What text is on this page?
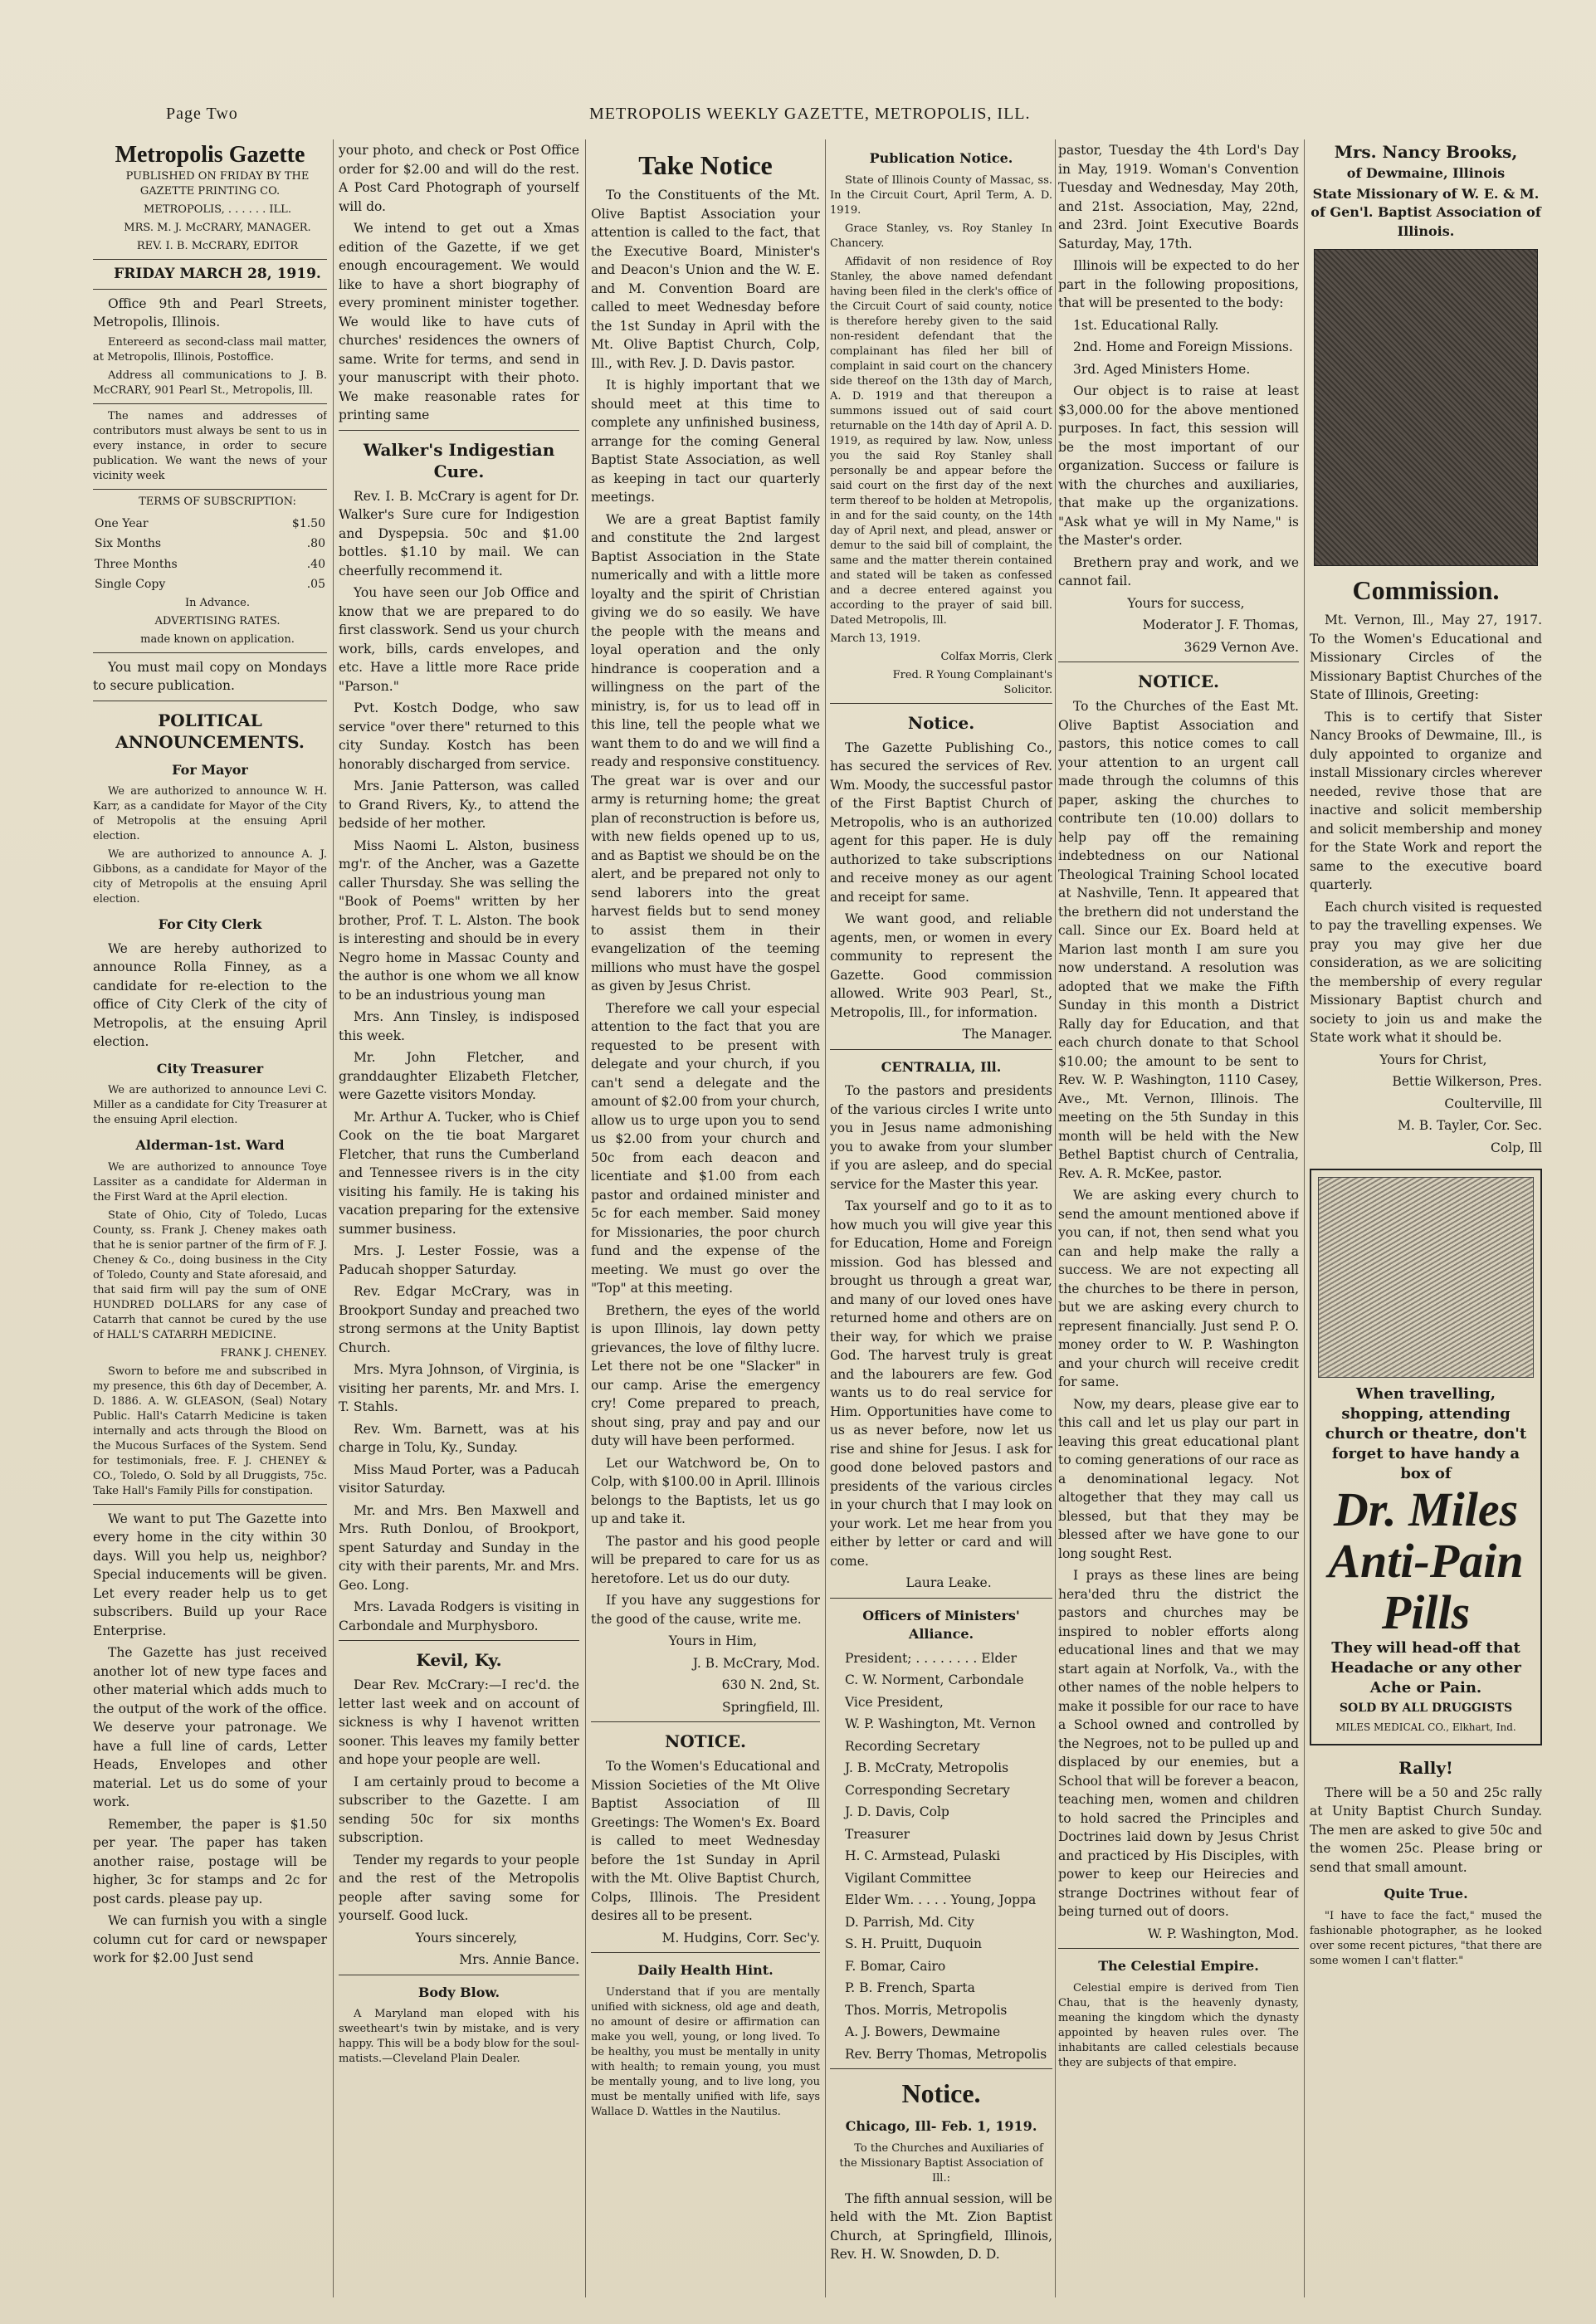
Page Two	METROPOLIS WEEKLY GAZETTE, METROPOLIS, ILL.
Metropolis Gazette

PUBLISHED ON FRIDAY BY THE GAZETTE PRINTING CO.

METROPOLIS, . . . . . . ILL.

MRS. M. J. McCRARY, MANAGER.

REV. I. B. McCRARY, EDITOR

FRIDAY MARCH 28, 1919.

Office 9th and Pearl Streets, Metropolis, Illinois.

Entereerd as second-class mail matter, at Metropolis, Illinois, Postoffice.

Address all communications to J. B. McCRARY, 901 Pearl St., Metropolis, Ill.

The names and addresses of contributors must always be sent to us in every instance, in order to secure publication. We want the news of your vicinity week

TERMS OF SUBSCRIPTION:

One Year	$1.50
Six Months	.80
Three Months	.40
Single Copy	.05

In Advance.

ADVERTISING RATES.

made known on application.

You must mail copy on Mondays to secure publication.

POLITICAL ANNOUNCEMENTS.
For Mayor

We are authorized to announce W. H. Karr, as a candidate for Mayor of the City of Metropolis at the ensuing April election.

We are authorized to announce A. J. Gibbons, as a candidate for Mayor of the city of Metropolis at the ensuing April election.

For City Clerk

We are hereby authorized to announce Rolla Finney, as a candidate for re-election to the office of City Clerk of the city of Metropolis, at the ensuing April election.

City Treasurer

We are authorized to announce Levi C. Miller as a candidate for City Treasurer at the ensuing April election.

Alderman-1st. Ward

We are authorized to announce Toye Lassiter as a candidate for Alderman in the First Ward at the April election.

State of Ohio, City of Toledo, Lucas County, ss. Frank J. Cheney makes oath that he is senior partner of the firm of F. J. Cheney & Co., doing business in the City of Toledo, County and State aforesaid, and that said firm will pay the sum of ONE HUNDRED DOLLARS for any case of Catarrh that cannot be cured by the use of HALL'S CATARRH MEDICINE.

FRANK J. CHENEY.

Sworn to before me and subscribed in my presence, this 6th day of December, A. D. 1886. A. W. GLEASON, (Seal) Notary Public. Hall's Catarrh Medicine is taken internally and acts through the Blood on the Mucous Surfaces of the System. Send for testimonials, free. F. J. CHENEY & CO., Toledo, O. Sold by all Druggists, 75c. Take Hall's Family Pills for constipation.

We want to put The Gazette into every home in the city within 30 days. Will you help us, neighbor? Special inducements will be given. Let every reader help us to get subscribers. Build up your Race Enterprise.

The Gazette has just received another lot of new type faces and other material which adds much to the output of the work of the office. We deserve your patronage. We have a full line of cards, Letter Heads, Envelopes and other material. Let us do some of your work.

Remember, the paper is $1.50 per year. The paper has taken another raise, postage will be higher, 3c for stamps and 2c for post cards. please pay up.

We can furnish you with a single column cut for card or newspaper work for $2.00 Just send

your photo, and check or Post Office order for $2.00 and will do the rest. A Post Card Photograph of yourself will do.

We intend to get out a Xmas edition of the Gazette, if we get enough encouragement. We would like to have a short biography of every prominent minister together. We would like to have cuts of churches' residences the owners of same. Write for terms, and send in your manuscript with their photo. We make reasonable rates for printing same

Walker's Indigestian Cure.

Rev. I. B. McCrary is agent for Dr. Walker's Sure cure for Indigestion and Dyspepsia. 50c and $1.00 bottles. $1.10 by mail. We can cheerfully recommend it.

You have seen our Job Office and know that we are prepared to do first classwork. Send us your church work, bills, cards envelopes, and etc. Have a little more Race pride "Parson."

Pvt. Kostch Dodge, who saw service "over there" returned to this city Sunday. Kostch has been honorably discharged from service.

Mrs. Janie Patterson, was called to Grand Rivers, Ky., to attend the bedside of her mother.

Miss Naomi L. Alston, business mg'r. of the Ancher, was a Gazette caller Thursday. She was selling the "Book of Poems" written by her brother, Prof. T. L. Alston. The book is interesting and should be in every Negro home in Massac County and the author is one whom we all know to be an industrious young man

Mrs. Ann Tinsley, is indisposed this week.

Mr. John Fletcher, and granddaughter Elizabeth Fletcher, were Gazette visitors Monday.

Mr. Arthur A. Tucker, who is Chief Cook on the tie boat Margaret Fletcher, that runs the Cumberland and Tennessee rivers is in the city visiting his family. He is taking his vacation preparing for the extensive summer business.

Mrs. J. Lester Fossie, was a Paducah shopper Saturday.

Rev. Edgar McCrary, was in Brookport Sunday and preached two strong sermons at the Unity Baptist Church.

Mrs. Myra Johnson, of Virginia, is visiting her parents, Mr. and Mrs. I. T. Stahls.

Rev. Wm. Barnett, was at his charge in Tolu, Ky., Sunday.

Miss Maud Porter, was a Paducah visitor Saturday.

Mr. and Mrs. Ben Maxwell and Mrs. Ruth Donlou, of Brookport, spent Saturday and Sunday in the city with their parents, Mr. and Mrs. Geo. Long.

Mrs. Lavada Rodgers is visiting in Carbondale and Murphysboro.

Kevil, Ky.

Dear Rev. McCrary:—I rec'd. the letter last week and on account of sickness is why I havenot written sooner. This leaves my family better and hope your people are well.

I am certainly proud to become a subscriber to the Gazette. I am sending 50c for six months subscription.

Tender my regards to your people and the rest of the Metropolis people after saving some for yourself. Good luck.

Yours sincerely,

Mrs. Annie Bance.

Body Blow.

A Maryland man eloped with his sweetheart's twin by mistake, and is very happy. This will be a body blow for the soul-matists.—Cleveland Plain Dealer.

Take Notice

To the Constituents of the Mt. Olive Baptist Association your attention is called to the fact, that the Executive Board, Minister's and Deacon's Union and the W. E. and M. Convention Board are called to meet Wednesday before the 1st Sunday in April with the Mt. Olive Baptist Church, Colp, Ill., with Rev. J. D. Davis pastor.

It is highly important that we should meet at this time to complete any unfinished business, arrange for the coming General Baptist State Association, as well as keeping in tact our quarterly meetings.

We are a great Baptist family and constitute the 2nd largest Baptist Association in the State numerically and with a little more loyalty and the spirit of Christian giving we do so easily. We have the people with the means and loyal operation and the only hindrance is cooperation and a willingness on the part of the ministry, is, for us to lead off in this line, tell the people what we want them to do and we will find a ready and responsive constituency. The great war is over and our army is returning home; the great plan of reconstruction is before us, with new fields opened up to us, and as Baptist we should be on the alert, and be prepared not only to send laborers into the great harvest fields but to send money to assist them in their evangelization of the teeming millions who must have the gospel as given by Jesus Christ.

Therefore we call your especial attention to the fact that you are requested to be present with delegate and your church, if you can't send a delegate and the amount of $2.00 from your church, allow us to urge upon you to send us $2.00 from your church and 50c from each deacon and licentiate and $1.00 from each pastor and ordained minister and 5c for each member. Said money for Missionaries, the poor church fund and the expense of the meeting. We must go over the "Top" at this meeting.

Brethern, the eyes of the world is upon Illinois, lay down petty grievances, the love of filthy lucre. Let there not be one "Slacker" in our camp. Arise the emergency cry! Come prepared to preach, shout sing, pray and pay and our duty will have been performed.

Let our Watchword be, On to Colp, with $100.00 in April. Illinois belongs to the Baptists, let us go up and take it.

The pastor and his good people will be prepared to care for us as heretofore. Let us do our duty.

If you have any suggestions for the good of the cause, write me.

Yours in Him,

J. B. McCrary, Mod.

630 N. 2nd, St.

Springfield, Ill.

NOTICE.

To the Women's Educational and Mission Societies of the Mt Olive Baptist Association of Ill Greetings: The Women's Ex. Board is called to meet Wednesday before the 1st Sunday in April with the Mt. Olive Baptist Church, Colps, Illinois. The President desires all to be present.

M. Hudgins, Corr. Sec'y.

Daily Health Hint.

Understand that if you are mentally unified with sickness, old age and death, no amount of desire or affirmation can make you well, young, or long lived. To be healthy, you must be mentally in unity with health; to remain young, you must be mentally young, and to live long, you must be mentally unified with life, says Wallace D. Wattles in the Nautilus.

Publication Notice.

State of Illinois County of Massac, ss. In the Circuit Court, April Term, A. D. 1919.

Grace Stanley, vs. Roy Stanley In Chancery.

Affidavit of non residence of Roy Stanley, the above named defendant having been filed in the clerk's office of the Circuit Court of said county, notice is therefore hereby given to the said non-resident defendant that the complainant has filed her bill of complaint in said court on the chancery side thereof on the 13th day of March, A. D. 1919 and that thereupon a summons issued out of said court returnable on the 14th day of April A. D. 1919, as required by law. Now, unless you the said Roy Stanley shall personally be and appear before the said court on the first day of the next term thereof to be holden at Metropolis, in and for the said county, on the 14th day of April next, and plead, answer or demur to the said bill of complaint, the same and the matter therein contained and stated will be taken as confessed and a decree entered against you according to the prayer of said bill. Dated Metropolis, Ill.

March 13, 1919.

Colfax Morris, Clerk

Fred. R Young Complainant's Solicitor.

Notice.

The Gazette Publishing Co., has secured the services of Rev. Wm. Moody, the successful pastor of the First Baptist Church of Metropolis, who is an authorized agent for this paper. He is duly authorized to take subscriptions and receive money as our agent and receipt for same.

We want good, and reliable agents, men, or women in every community to represent the Gazette. Good commission allowed. Write 903 Pearl, St., Metropolis, Ill., for information.

The Manager.

CENTRALIA, Ill.

To the pastors and presidents of the various circles I write unto you in Jesus name admonishing you to awake from your slumber if you are asleep, and do special service for the Master this year.

Tax yourself and go to it as to how much you will give year this for Education, Home and Foreign mission. God has blessed and brought us through a great war, and many of our loved ones have returned home and others are on their way, for which we praise God. The harvest truly is great and the labourers are few. God wants us to do real service for Him. Opportunities have come to us as never before, now let us rise and shine for Jesus. I ask for good done beloved pastors and presidents of the various circles in your church that I may look on your work. Let me hear from you either by letter or card and will come.

Laura Leake.

Officers of Ministers' Alliance.

President; . . . . . . . . Elder

C. W. Norment, Carbondale

Vice President,

W. P. Washington, Mt. Vernon

Recording Secretary

J. B. McCraty, Metropolis

Corresponding Secretary

J. D. Davis, Colp

Treasurer

H. C. Armstead, Pulaski

Vigilant Committee

Elder Wm. . . . . Young, Joppa

D. Parrish, Md. City

S. H. Pruitt, Duquoin

F. Bomar, Cairo

P. B. French, Sparta

Thos. Morris, Metropolis

A. J. Bowers, Dewmaine

Rev. Berry Thomas, Metropolis

Notice.
Chicago, Ill- Feb. 1, 1919.

To the Churches and Auxiliaries of the Missionary Baptist Association of Ill.:

The fifth annual session, will be held with the Mt. Zion Baptist Church, at Springfield, Illinois, Rev. H. W. Snowden, D. D.

pastor, Tuesday the 4th Lord's Day in May, 1919. Woman's Convention Tuesday and Wednesday, May 20th, and 21st. Association, May, 22nd, and 23rd. Joint Executive Boards Saturday, May, 17th.

Illinois will be expected to do her part in the following propositions, that will be presented to the body:

1st. Educational Rally.

2nd. Home and Foreign Missions.

3rd. Aged Ministers Home.

Our object is to raise at least $3,000.00 for the above mentioned purposes. In fact, this session will be the most important of our organization. Success or failure is with the churches and auxiliaries, that make up the organizations. "Ask what ye will in My Name," is the Master's order.

Brethern pray and work, and we cannot fail.

Yours for success,

Moderator J. F. Thomas,

3629 Vernon Ave.

NOTICE.

To the Churches of the East Mt. Olive Baptist Association and pastors, this notice comes to call your attention to an urgent call made through the columns of this paper, asking the churches to contribute ten (10.00) dollars to help pay off the remaining indebtedness on our National Theological Training School located at Nashville, Tenn. It appeared that the brethern did not understand the call. Since our Ex. Board held at Marion last month I am sure you now understand. A resolution was adopted that we make the Fifth Sunday in this month a District Rally day for Education, and that each church donate to that School $10.00; the amount to be sent to Rev. W. P. Washington, 1110 Casey, Ave., Mt. Vernon, Illinois. The meeting on the 5th Sunday in this month will be held with the New Bethel Baptist church of Centralia, Rev. A. R. McKee, pastor.

We are asking every church to send the amount mentioned above if you can, if not, then send what you can and help make the rally a success. We are not expecting all the churches to be there in person, but we are asking every church to represent financially. Just send P. O. money order to W. P. Washington and your church will receive credit for same.

Now, my dears, please give ear to this call and let us play our part in leaving this great educational plant to coming generations of our race as a denominational legacy. Not altogether that they may call us blessed, but that they may be blessed after we have gone to our long sought Rest.

I prays as these lines are being hera'ded thru the district the pastors and churches may be inspired to nobler efforts along educational lines and that we may start again at Norfolk, Va., with the other names of the noble helpers to make it possible for our race to have a School owned and controlled by the Negroes, not to be pulled up and displaced by our enemies, but a School that will be forever a beacon, teaching men, women and children to hold sacred the Principles and Doctrines laid down by Jesus Christ and practiced by His Disciples, with power to keep our Heirecies and strange Doctrines without fear of being turned out of doors.

W. P. Washington, Mod.

The Celestial Empire.

Celestial empire is derived from Tien Chau, that is the heavenly dynasty, meaning the kingdom which the dynasty appointed by heaven rules over. The inhabitants are called celestials because they are subjects of that empire.

Mrs. Nancy Brooks,
of Dewmaine, Illinois
State Missionary of W. E. & M. of Gen'l. Baptist Association of Illinois.
Commission.

Mt. Vernon, Ill., May 27, 1917. To the Women's Educational and Missionary Circles of the Missionary Baptist Churches of the State of Illinois, Greeting:

This is to certify that Sister Nancy Brooks of Dewmaine, Ill., is duly appointed to organize and install Missionary circles wherever needed, revive those that are inactive and solicit membership and solicit membership and money for the State Work and report the same to the executive board quarterly.

Each church visited is requested to pay the travelling expenses. We pray you may give her due consideration, as we are soliciting the membership of every regular Missionary Baptist church and society to join us and make the State work what it should be.

Yours for Christ,

Bettie Wilkerson, Pres.

Coulterville, Ill

M. B. Tayler, Cor. Sec.

Colp, Ill

When travelling, shopping, attending church or theatre, don't forget to have handy a box of
Dr. Miles Anti-Pain Pills
They will head-off that Headache or any other Ache or Pain.
SOLD BY ALL DRUGGISTS
MILES MEDICAL CO., Elkhart, Ind.
Rally!

There will be a 50 and 25c rally at Unity Baptist Church Sunday. The men are asked to give 50c and the women 25c. Please bring or send that small amount.

Quite True.

"I have to face the fact," mused the fashionable photographer, as he looked over some recent pictures, "that there are some women I can't flatter."
